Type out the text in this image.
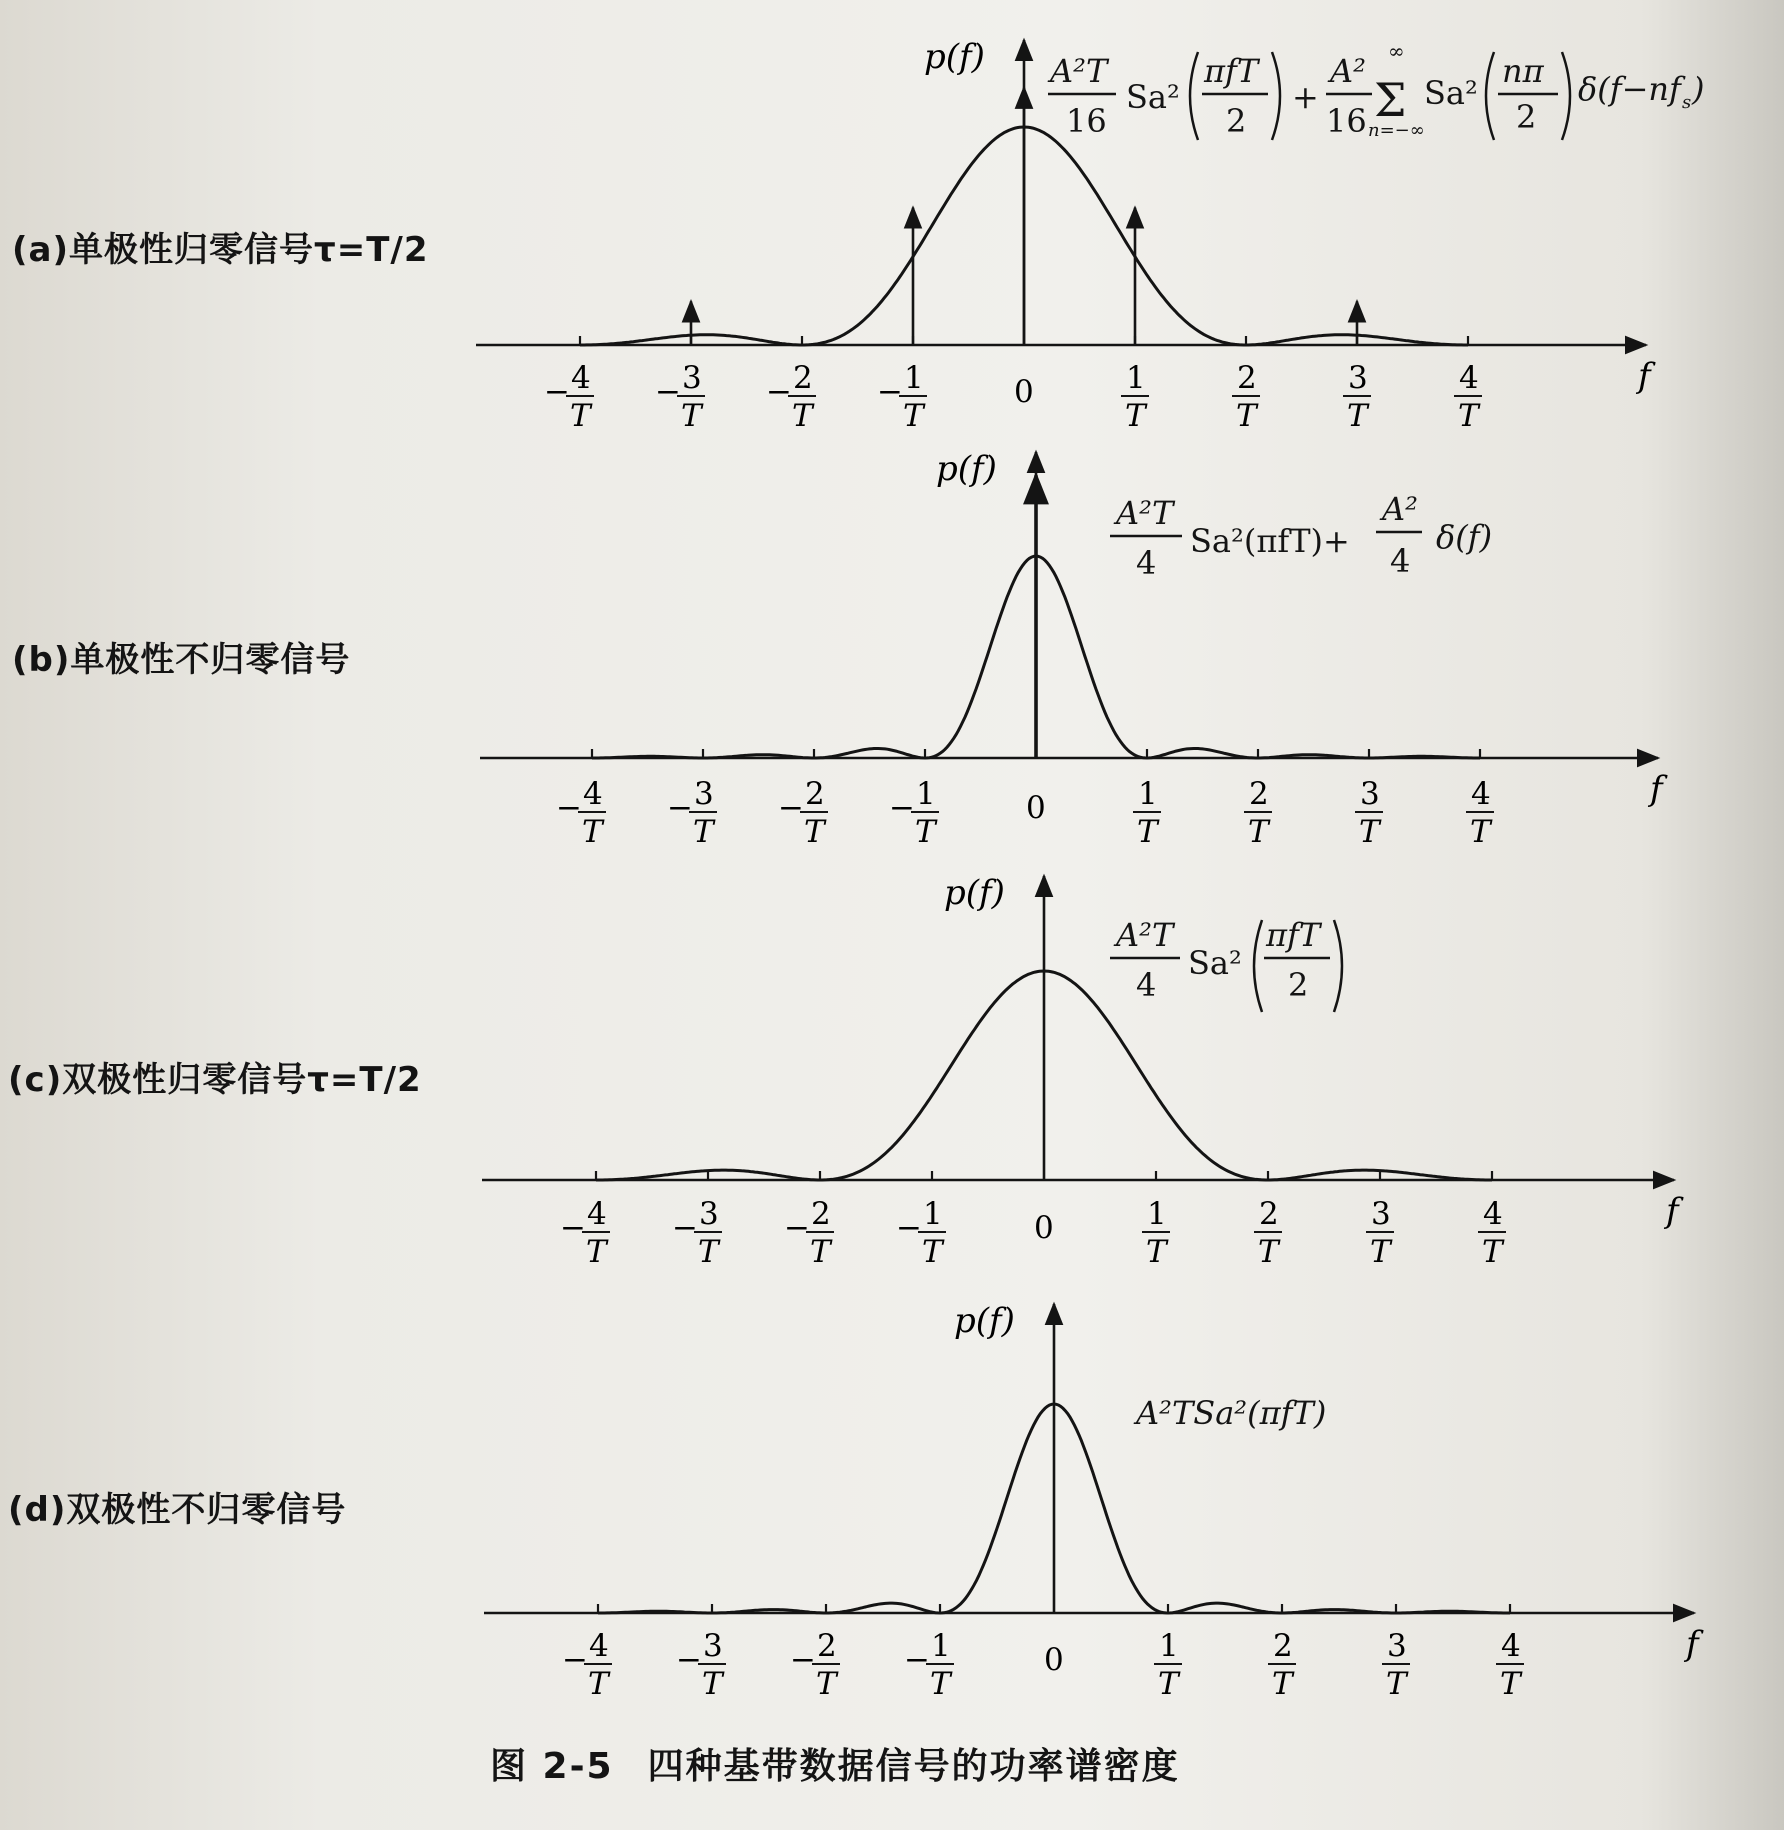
(a)单极性归零信号τ=T/2
(b)单极性不归零信号
(c)双极性归零信号τ=T/2
(d)双极性不归零信号
图 2-5 四种基带数据信号的功率谱密度
A²T
16
Sa²
πfT
2
+
A²
16
∞
Σ
n=−∞
Sa²
nπ
2
δ(f−nf s )
A²T
4
Sa²(πfT)+
A²
4
δ(f)
A²T
4
Sa²
πfT
2
A²TSa²(πfT)
f
p(f)
− 4
T
− 3
T
− 2
T
− 1
T
0	1
T
2
T
3
T
4
T
f
p(f)
− 4
T
− 3
T
− 2
T
− 1
T
0	1
T
2
T
3
T
4
T
f
p(f)
− 4
T
− 3
T
− 2
T
− 1
T
0	1
T
2
T
3
T
4
T
f
p(f)
− 4
T
− 3
T
− 2
T
− 1
T
0	1
T
2
T
3
T
4
T
